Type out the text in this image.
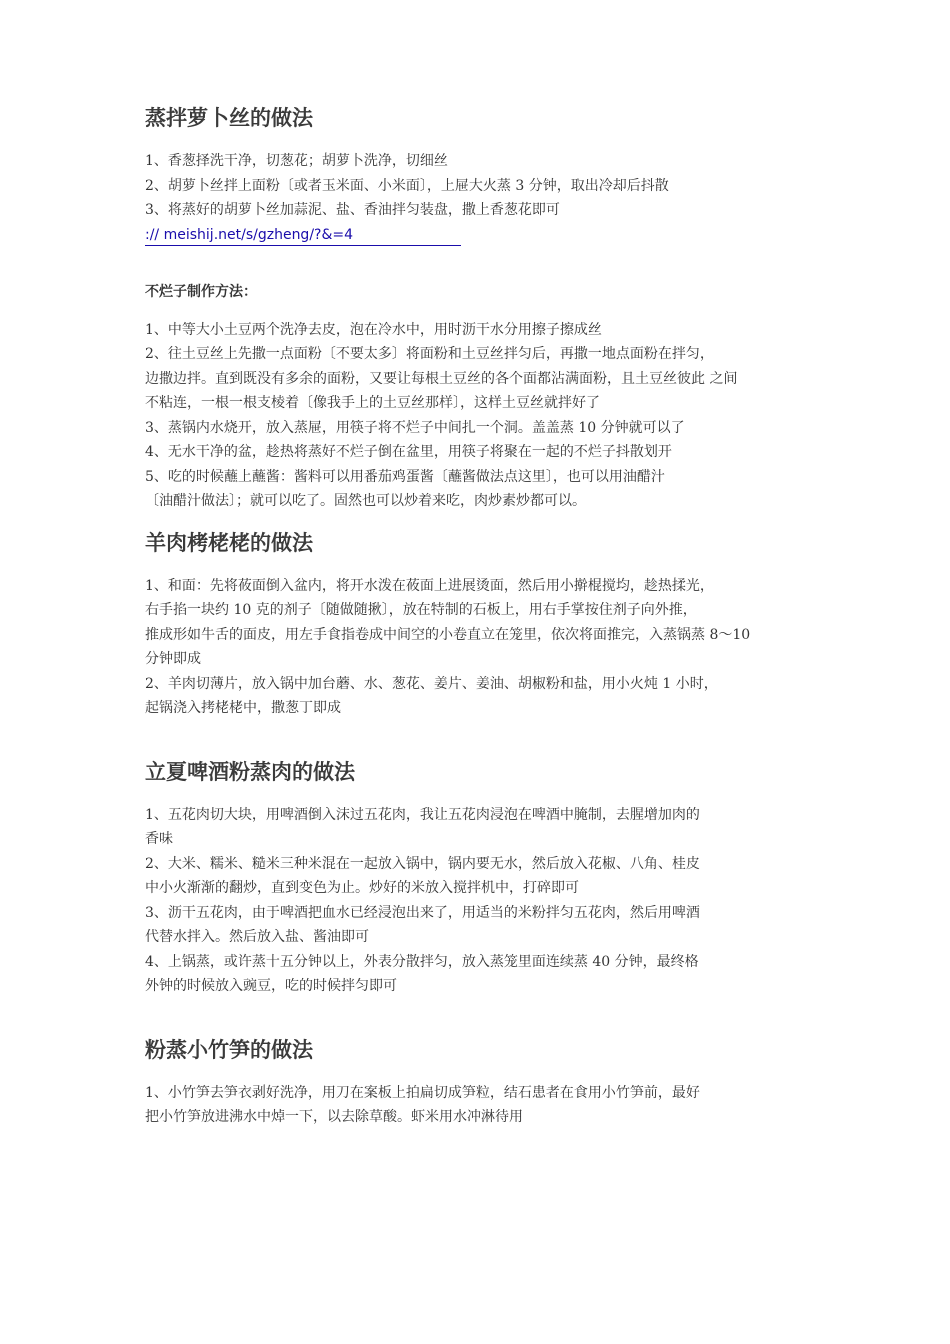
蒸拌萝卜丝的做法

1、香葱择洗干净，切葱花；胡萝卜洗净，切细丝

2、胡萝卜丝拌上面粉〔或者玉米面、小米面〕，上屉大火蒸 3 分钟，取出冷却后抖散

3、将蒸好的胡萝卜丝加蒜泥、盐、香油拌匀装盘，撒上香葱花即可

:// meishij.net/s/gzheng/?&=4

不烂子制作方法：

1、中等大小土豆两个洗净去皮，泡在冷水中，用时沥干水分用擦子擦成丝

2、往土豆丝上先撒一点面粉〔不要太多〕将面粉和土豆丝拌匀后，再撒一地点面粉在拌匀，

边撒边拌。直到既没有多余的面粉，又要让每根土豆丝的各个面都沾满面粉，且土豆丝彼此 之间

不粘连，一根一根支棱着〔像我手上的土豆丝那样〕，这样土豆丝就拌好了

3、蒸锅内水烧开，放入蒸屉，用筷子将不烂子中间扎一个洞。盖盖蒸 10 分钟就可以了

4、无水干净的盆，趁热将蒸好不烂子倒在盆里，用筷子将聚在一起的不烂子抖散划开

5、吃的时候蘸上蘸酱：酱料可以用番茄鸡蛋酱〔蘸酱做法点这里〕，也可以用油醋汁

〔油醋汁做法〕；就可以吃了。固然也可以炒着来吃，肉炒素炒都可以。

羊肉栲栳栳的做法

1、和面：先将莜面倒入盆内，将开水泼在莜面上进展烫面，然后用小擀棍搅均，趁热揉光，

右手掐一块约 10 克的剂子〔随做随揪〕，放在特制的石板上，用右手掌按住剂子向外推，

推成形如牛舌的面皮，用左手食指卷成中间空的小卷直立在笼里，依次将面推完，入蒸锅蒸 8～10

分钟即成

2、羊肉切薄片，放入锅中加台蘑、水、葱花、姜片、姜油、胡椒粉和盐，用小火炖 1 小时，

起锅浇入拷栳栳中，撒葱丁即成

立夏啤酒粉蒸肉的做法

1、五花肉切大块，用啤酒倒入沫过五花肉，我让五花肉浸泡在啤酒中腌制，去腥增加肉的

香味

2、大米、糯米、糙米三种米混在一起放入锅中，锅内要无水，然后放入花椒、八角、桂皮

中小火渐渐的翻炒，直到变色为止。炒好的米放入搅拌机中，打碎即可

3、沥干五花肉，由于啤酒把血水已经浸泡出来了，用适当的米粉拌匀五花肉，然后用啤酒

代替水拌入。然后放入盐、酱油即可

4、上锅蒸，或许蒸十五分钟以上，外表分散拌匀，放入蒸笼里面连续蒸 40 分钟，最终格

外钟的时候放入豌豆，吃的时候拌匀即可

粉蒸小竹笋的做法

1、小竹笋去笋衣剥好洗净，用刀在案板上拍扁切成笋粒，结石患者在食用小竹笋前，最好

把小竹笋放进沸水中焯一下，以去除草酸。虾米用水冲淋待用
